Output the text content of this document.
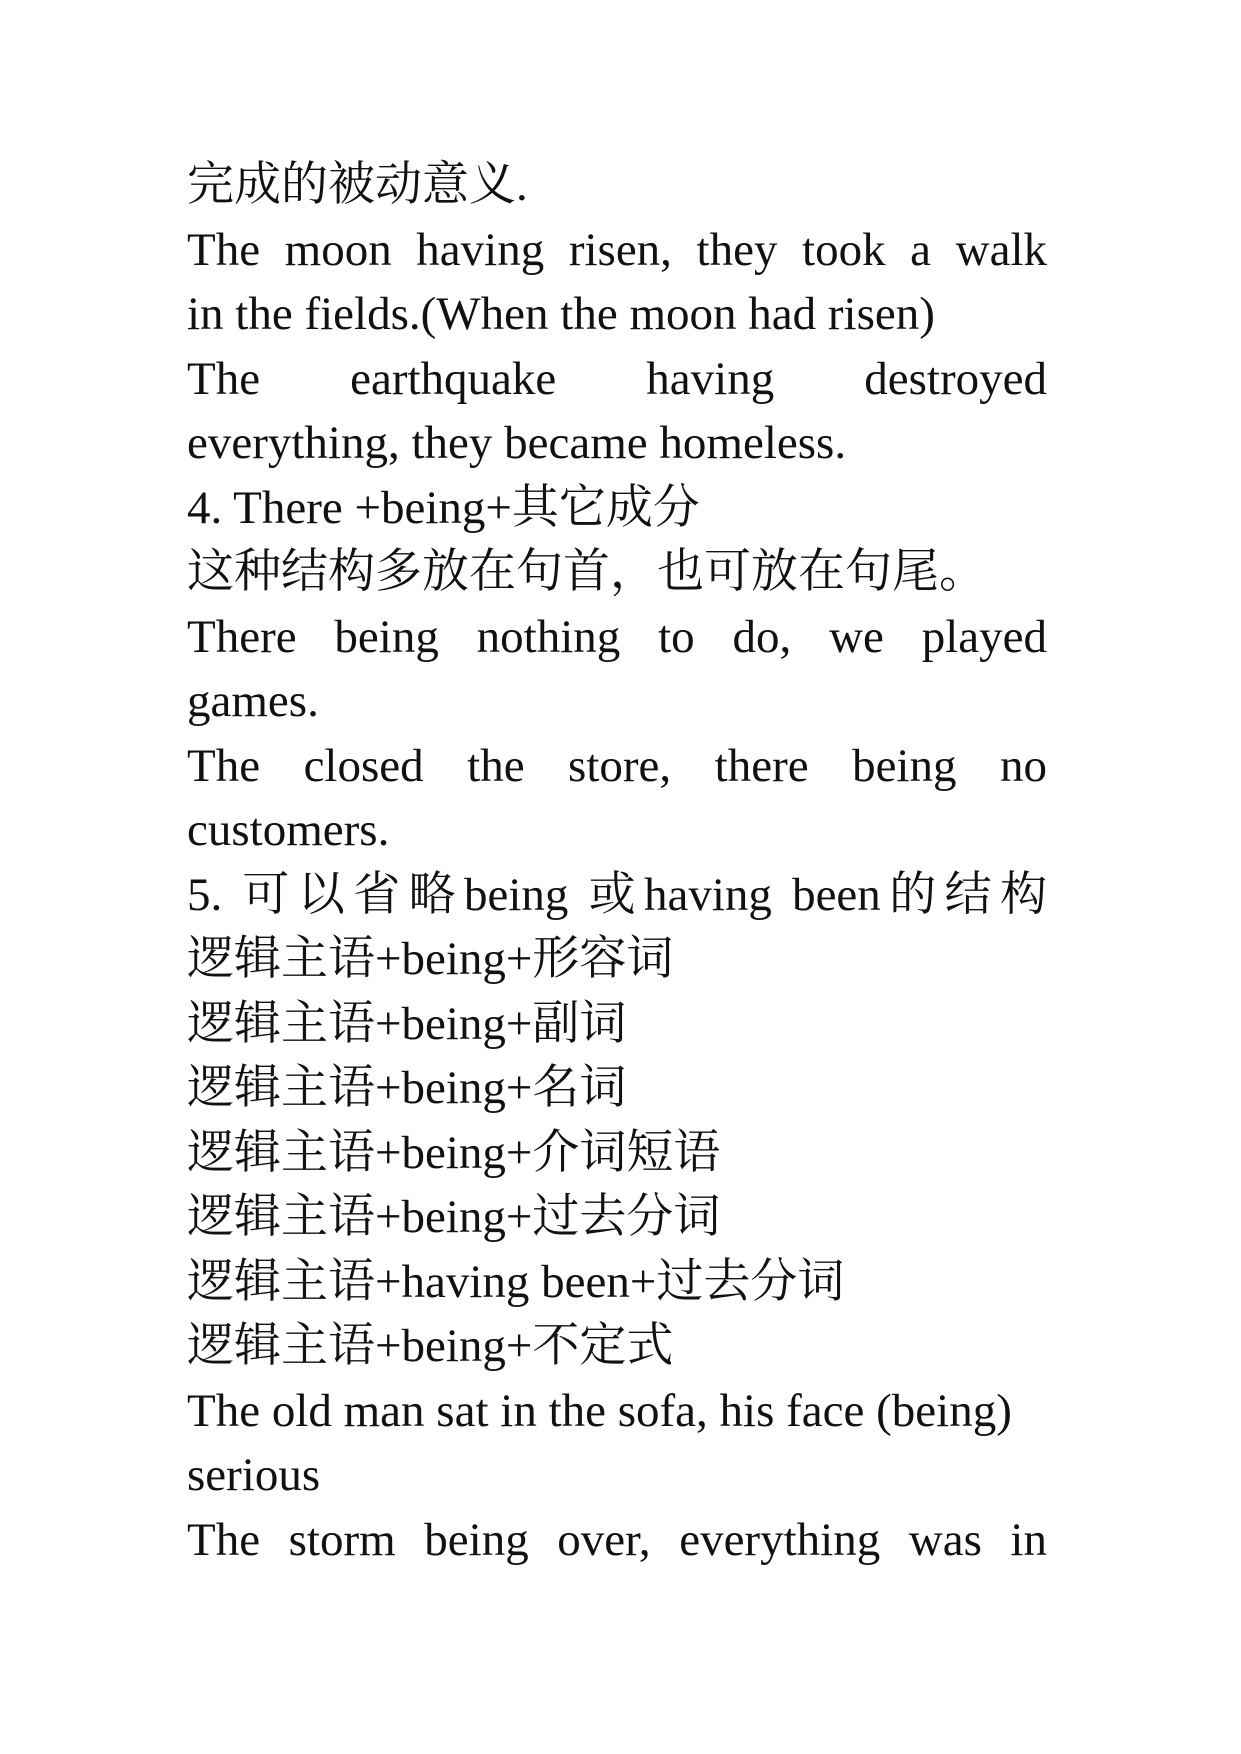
完成的被动意义.
The moon having risen, they took a walk
in the fields.(When the moon had risen)
The earthquake having destroyed
everything, they became homeless.
4. There +being+其它成分
这种结构多放在句首，也可放在句尾。
There being nothing to do, we played
games.
The closed the store, there being no
customers.
5. 可以省略being 或having been的结构
逻辑主语+being+形容词
逻辑主语+being+副词
逻辑主语+being+名词
逻辑主语+being+介词短语
逻辑主语+being+过去分词
逻辑主语+having been+过去分词
逻辑主语+being+不定式
The old man sat in the sofa, his face (being)
serious
The storm being over, everything was in
